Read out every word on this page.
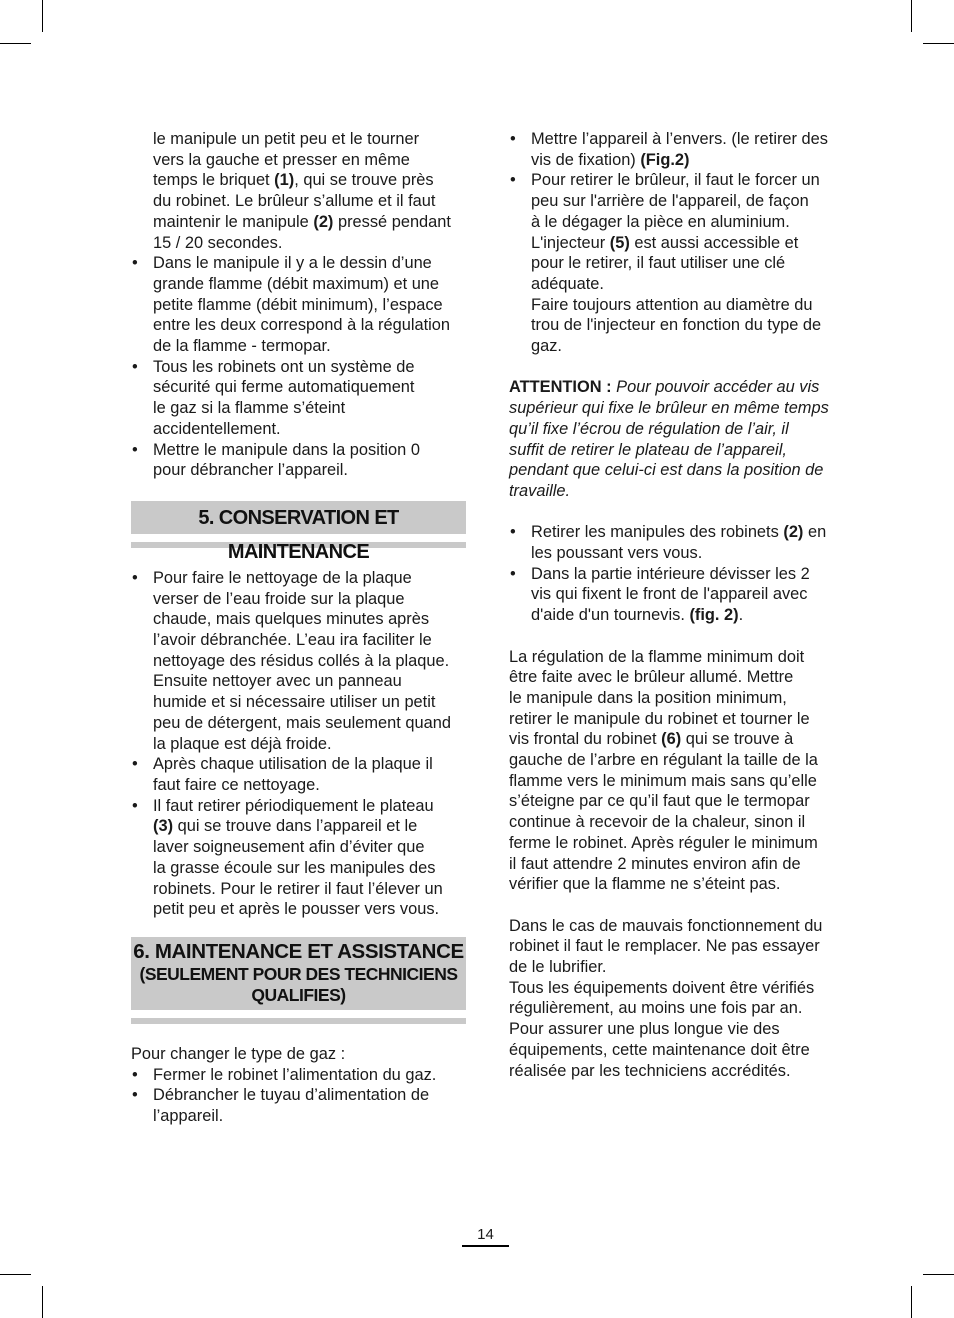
le manipule un petit peu et le tourner

vers la gauche et presser en même

temps le briquet (1), qui se trouve près

du robinet. Le brûleur s’allume et il faut

maintenir le manipule (2) pressé pendant

15 / 20 secondes.

• Dans le manipule il y a le dessin d’une

grande flamme (débit maximum) et une

petite flamme (débit minimum), l’espace

entre les deux correspond à la régulation

de la flamme - termopar.

• Tous les robinets ont un système de

sécurité qui ferme automatiquement

le gaz si la flamme s’éteint

accidentellement.

• Mettre le manipule dans la position 0

pour débrancher l’appareil.

5. CONSERVATION ET MAINTENANCE
• Pour faire le nettoyage de la plaque

verser de l’eau froide sur la plaque

chaude, mais quelques minutes après

l’avoir débranchée. L’eau ira faciliter le

nettoyage des résidus collés à la plaque.

Ensuite nettoyer avec un panneau

humide et si nécessaire utiliser un petit

peu de détergent, mais seulement quand

la plaque est déjà froide.

• Après chaque utilisation de la plaque il

faut faire ce nettoyage.

• Il faut retirer périodiquement le plateau

(3) qui se trouve dans l’appareil et le

laver soigneusement afin d’éviter que

la grasse écoule sur les manipules des

robinets. Pour le retirer il faut l’élever un

petit peu et après le pousser vers vous.

6. MAINTENANCE ET ASSISTANCE
(SEULEMENT POUR DES TECHNICIENS
QUALIFIES)

Pour changer le type de gaz :

• Fermer le robinet l’alimentation du gaz.

• Débrancher le tuyau d’alimentation de

l’appareil.

• Mettre l’appareil à l’envers. (le retirer des

vis de fixation) (Fig.2)

• Pour retirer le brûleur, il faut le forcer un

peu sur l'arrière de l'appareil, de façon

à le dégager la pièce en aluminium.

L'injecteur (5) est aussi accessible et

pour le retirer, il faut utiliser une clé

adéquate.

Faire toujours attention au diamètre du

trou de l'injecteur en fonction du type de

gaz.

ATTENTION : Pour pouvoir accéder au vis

supérieur qui fixe le brûleur en même temps

qu’il fixe l’écrou de régulation de l’air, il

suffit de retirer le plateau de l’appareil,

pendant que celui-ci est dans la position de

travaille.

• Retirer les manipules des robinets (2) en

les poussant vers vous.

• Dans la partie intérieure dévisser les 2

vis qui fixent le front de l'appareil avec

d'aide d'un tournevis. (fig. 2).

La régulation de la flamme minimum doit

être faite avec le brûleur allumé. Mettre

le manipule dans la position minimum,

retirer le manipule du robinet et tourner le

vis frontal du robinet (6) qui se trouve à

gauche de l’arbre en régulant la taille de la

flamme vers le minimum mais sans qu’elle

s’éteigne par ce qu’il faut que le termopar

continue à recevoir de la chaleur, sinon il

ferme le robinet. Après réguler le minimum

il faut attendre 2 minutes environ afin de

vérifier que la flamme ne s’éteint pas.

Dans le cas de mauvais fonctionnement du

robinet il faut le remplacer. Ne pas essayer

de le lubrifier.

Tous les équipements doivent être vérifiés

régulièrement, au moins une fois par an.

Pour assurer une plus longue vie des

équipements, cette maintenance doit être

réalisée par les techniciens accrédités.

14
